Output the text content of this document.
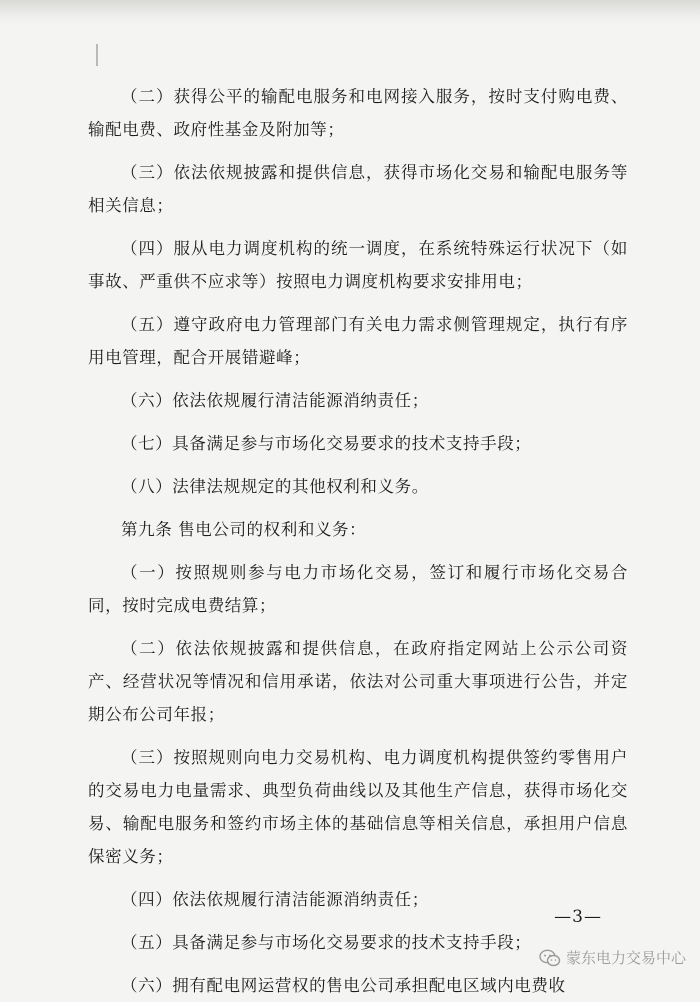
（二）获得公平的输配电服务和电网接入服务，按时支付购电费、输配电费、政府性基金及附加等；

（三）依法依规披露和提供信息，获得市场化交易和输配电服务等相关信息；

（四）服从电力调度机构的统一调度，在系统特殊运行状况下（如事故、严重供不应求等）按照电力调度机构要求安排用电；

（五）遵守政府电力管理部门有关电力需求侧管理规定，执行有序用电管理，配合开展错避峰；

（六）依法依规履行清洁能源消纳责任；

（七）具备满足参与市场化交易要求的技术支持手段；

（八）法律法规规定的其他权利和义务。

第九条 售电公司的权利和义务：

（一）按照规则参与电力市场化交易，签订和履行市场化交易合同，按时完成电费结算；

（二）依法依规披露和提供信息，在政府指定网站上公示公司资产、经营状况等情况和信用承诺，依法对公司重大事项进行公告，并定期公布公司年报；

（三）按照规则向电力交易机构、电力调度机构提供签约零售用户的交易电力电量需求、典型负荷曲线以及其他生产信息，获得市场化交易、输配电服务和签约市场主体的基础信息等相关信息，承担用户信息保密义务；

（四）依法依规履行清洁能源消纳责任；

（五）具备满足参与市场化交易要求的技术支持手段；

（六）拥有配电网运营权的售电公司承担配电区域内电费收

—3—
蒙东电力交易中心
